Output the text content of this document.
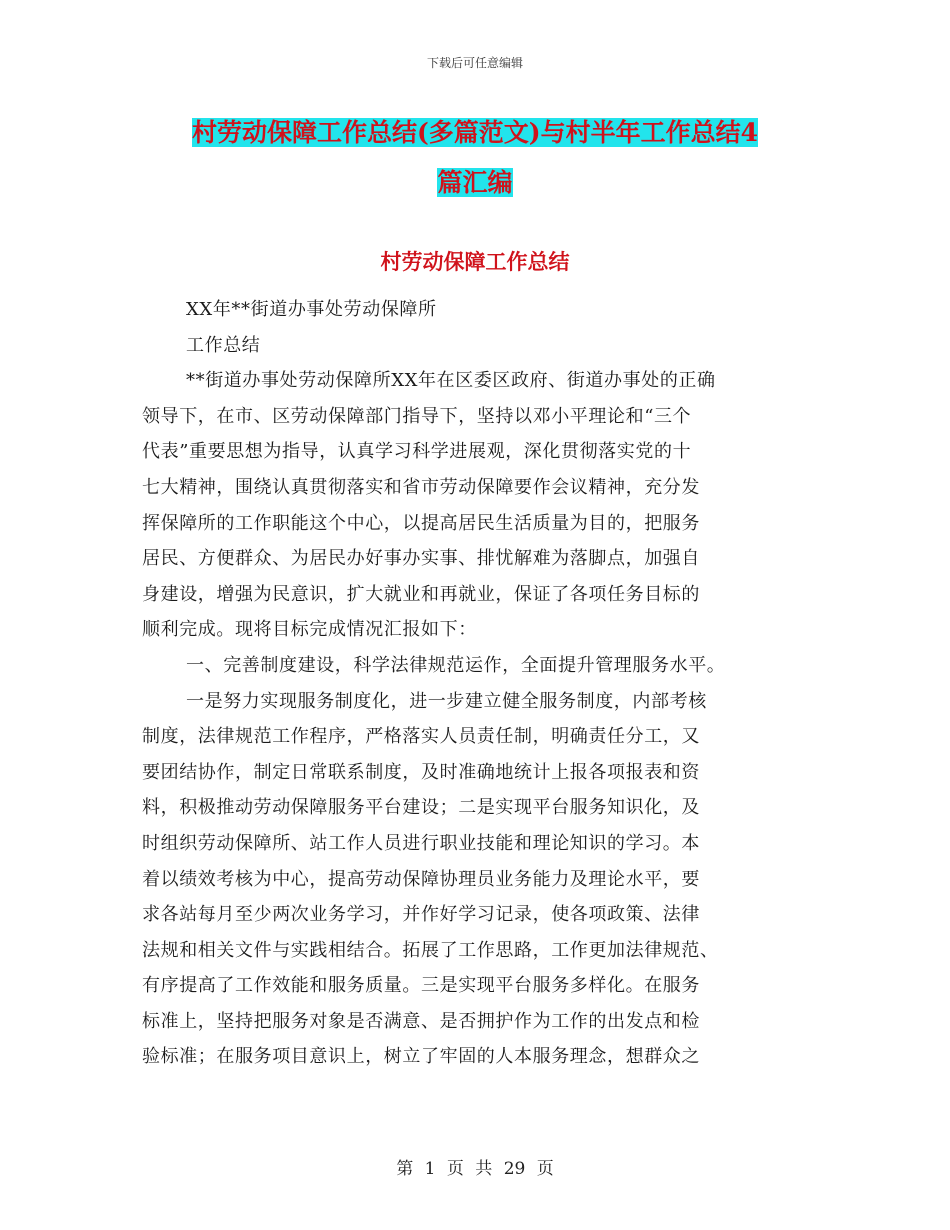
下载后可任意编辑
村劳动保障工作总结(多篇范文)与村半年工作总结4
篇汇编
村劳动保障工作总结
XX年**街道办事处劳动保障所
工作总结
**街道办事处劳动保障所XX年在区委区政府、街道办事处的正确
领导下，在市、区劳动保障部门指导下，坚持以邓小平理论和“三个
代表”重要思想为指导，认真学习科学进展观，深化贯彻落实党的十
七大精神，围绕认真贯彻落实和省市劳动保障要作会议精神，充分发
挥保障所的工作职能这个中心，以提高居民生活质量为目的，把服务
居民、方便群众、为居民办好事办实事、排忧解难为落脚点，加强自
身建设，增强为民意识，扩大就业和再就业，保证了各项任务目标的
顺利完成。现将目标完成情况汇报如下：
一、完善制度建设，科学法律规范运作，全面提升管理服务水平。
一是努力实现服务制度化，进一步建立健全服务制度，内部考核
制度，法律规范工作程序，严格落实人员责任制，明确责任分工，又
要团结协作，制定日常联系制度，及时准确地统计上报各项报表和资
料，积极推动劳动保障服务平台建设；二是实现平台服务知识化，及
时组织劳动保障所、站工作人员进行职业技能和理论知识的学习。本
着以绩效考核为中心，提高劳动保障协理员业务能力及理论水平，要
求各站每月至少两次业务学习，并作好学习记录，使各项政策、法律
法规和相关文件与实践相结合。拓展了工作思路，工作更加法律规范、
有序提高了工作效能和服务质量。三是实现平台服务多样化。在服务
标准上，坚持把服务对象是否满意、是否拥护作为工作的出发点和检
验标准；在服务项目意识上，树立了牢固的人本服务理念，想群众之
第 1 页 共 29 页
